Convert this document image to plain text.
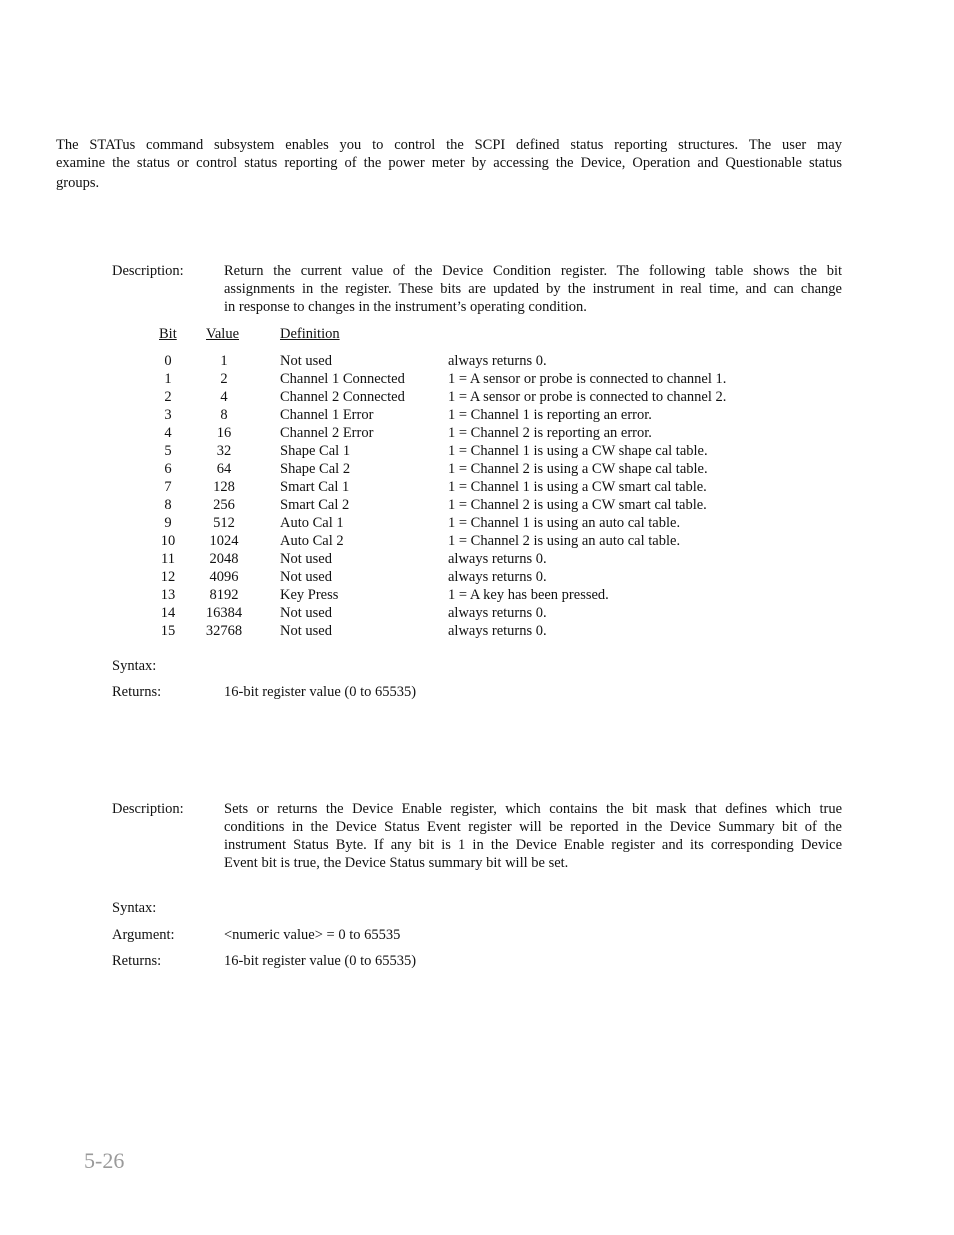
The STATus command subsystem enables you to control the SCPI defined status reporting structures. The user may
examine the status or control status reporting of the power meter by accessing the Device, Operation and Questionable status
groups.
Description:	Return the current value of the Device Condition register. The following table shows the bit
assignments in the register. These bits are updated by the instrument in real time, and can change
in response to changes in the instrument’s operating condition.
Bit Value	Definition
0	1	Not used	always returns 0.
1	2	Channel 1 Connected	1 = A sensor or probe is connected to channel 1.
2	4	Channel 2 Connected	1 = A sensor or probe is connected to channel 2.
3	8	Channel 1 Error	1 = Channel 1 is reporting an error.
4	16	Channel 2 Error	1 = Channel 2 is reporting an error.
5	32	Shape Cal 1	1 = Channel 1 is using a CW shape cal table.
6	64	Shape Cal 2	1 = Channel 2 is using a CW shape cal table.
7	128	Smart Cal 1	1 = Channel 1 is using a CW smart cal table.
8	256	Smart Cal 2	1 = Channel 2 is using a CW smart cal table.
9	512	Auto Cal 1	1 = Channel 1 is using an auto cal table.
10	1024	Auto Cal 2	1 = Channel 2 is using an auto cal table.
11	2048	Not used	always returns 0.
12	4096	Not used	always returns 0.
13	8192	Key Press	1 = A key has been pressed.
14	16384	Not used	always returns 0.
15	32768	Not used	always returns 0.
Syntax:
Returns:	16-bit register value (0 to 65535)
Description:	Sets or returns the Device Enable register, which contains the bit mask that defines which true
conditions in the Device Status Event register will be reported in the Device Summary bit of the
instrument Status Byte. If any bit is 1 in the Device Enable register and its corresponding Device
Event bit is true, the Device Status summary bit will be set.
Syntax:
Argument:	<numeric value> = 0 to 65535
Returns:	16-bit register value (0 to 65535)
5-26
